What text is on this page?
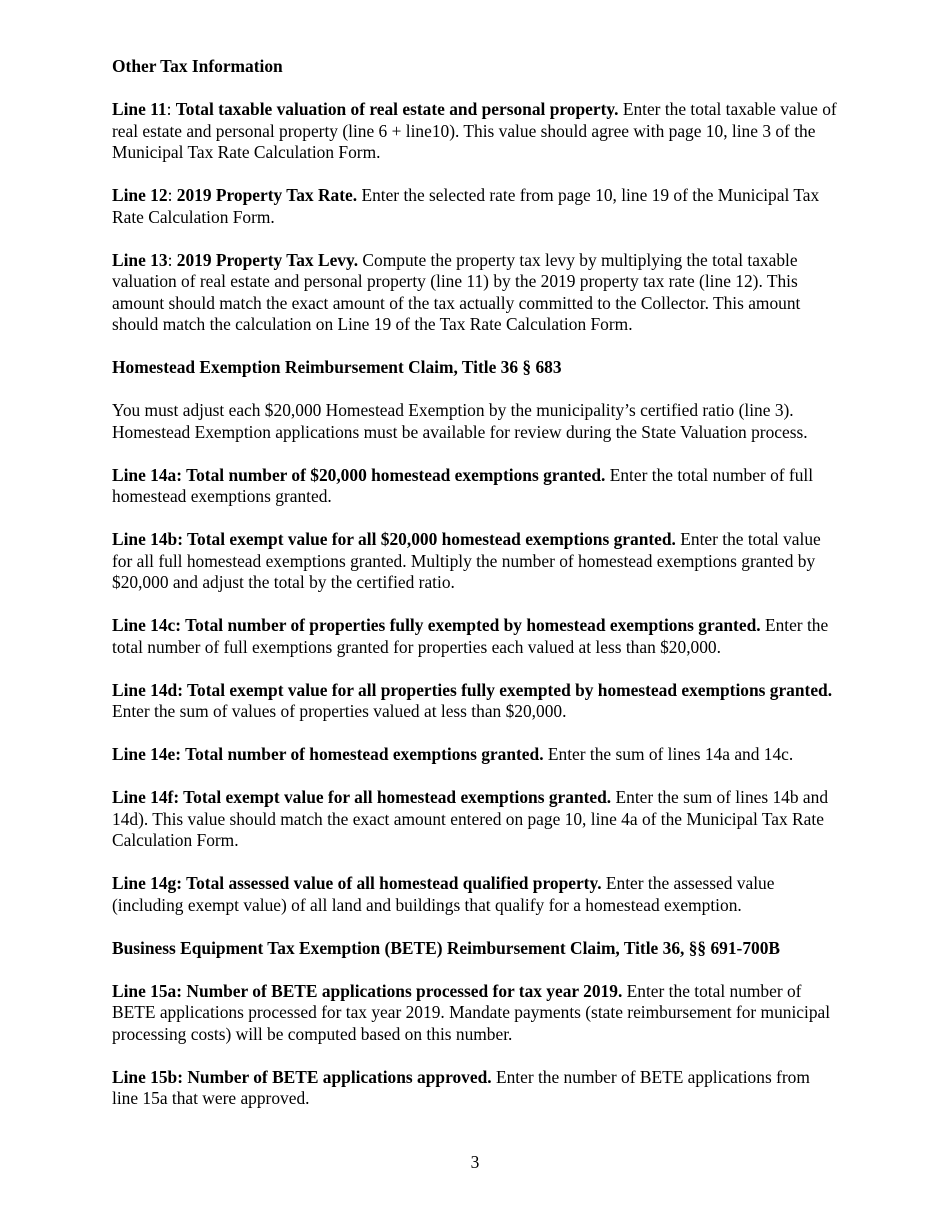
Other Tax Information

Line 11: Total taxable valuation of real estate and personal property. Enter the total taxable value of real estate and personal property (line 6 + line10). This value should agree with page 10, line 3 of the Municipal Tax Rate Calculation Form.

Line 12: 2019 Property Tax Rate. Enter the selected rate from page 10, line 19 of the Municipal Tax Rate Calculation Form.

Line 13: 2019 Property Tax Levy. Compute the property tax levy by multiplying the total taxable valuation of real estate and personal property (line 11) by the 2019 property tax rate (line 12). This amount should match the exact amount of the tax actually committed to the Collector. This amount should match the calculation on Line 19 of the Tax Rate Calculation Form.

Homestead Exemption Reimbursement Claim, Title 36 § 683

You must adjust each $20,000 Homestead Exemption by the municipality’s certified ratio (line 3). Homestead Exemption applications must be available for review during the State Valuation process.

Line 14a: Total number of $20,000 homestead exemptions granted. Enter the total number of full homestead exemptions granted.

Line 14b: Total exempt value for all $20,000 homestead exemptions granted. Enter the total value for all full homestead exemptions granted. Multiply the number of homestead exemptions granted by $20,000 and adjust the total by the certified ratio.

Line 14c: Total number of properties fully exempted by homestead exemptions granted. Enter the total number of full exemptions granted for properties each valued at less than $20,000.

Line 14d: Total exempt value for all properties fully exempted by homestead exemptions granted. Enter the sum of values of properties valued at less than $20,000.

Line 14e: Total number of homestead exemptions granted. Enter the sum of lines 14a and 14c.

Line 14f: Total exempt value for all homestead exemptions granted. Enter the sum of lines 14b and 14d). This value should match the exact amount entered on page 10, line 4a of the Municipal Tax Rate Calculation Form.

Line 14g: Total assessed value of all homestead qualified property. Enter the assessed value (including exempt value) of all land and buildings that qualify for a homestead exemption.

Business Equipment Tax Exemption (BETE) Reimbursement Claim, Title 36, §§ 691-700B

Line 15a: Number of BETE applications processed for tax year 2019. Enter the total number of BETE applications processed for tax year 2019. Mandate payments (state reimbursement for municipal processing costs) will be computed based on this number.

Line 15b: Number of BETE applications approved. Enter the number of BETE applications from line 15a that were approved.

3
